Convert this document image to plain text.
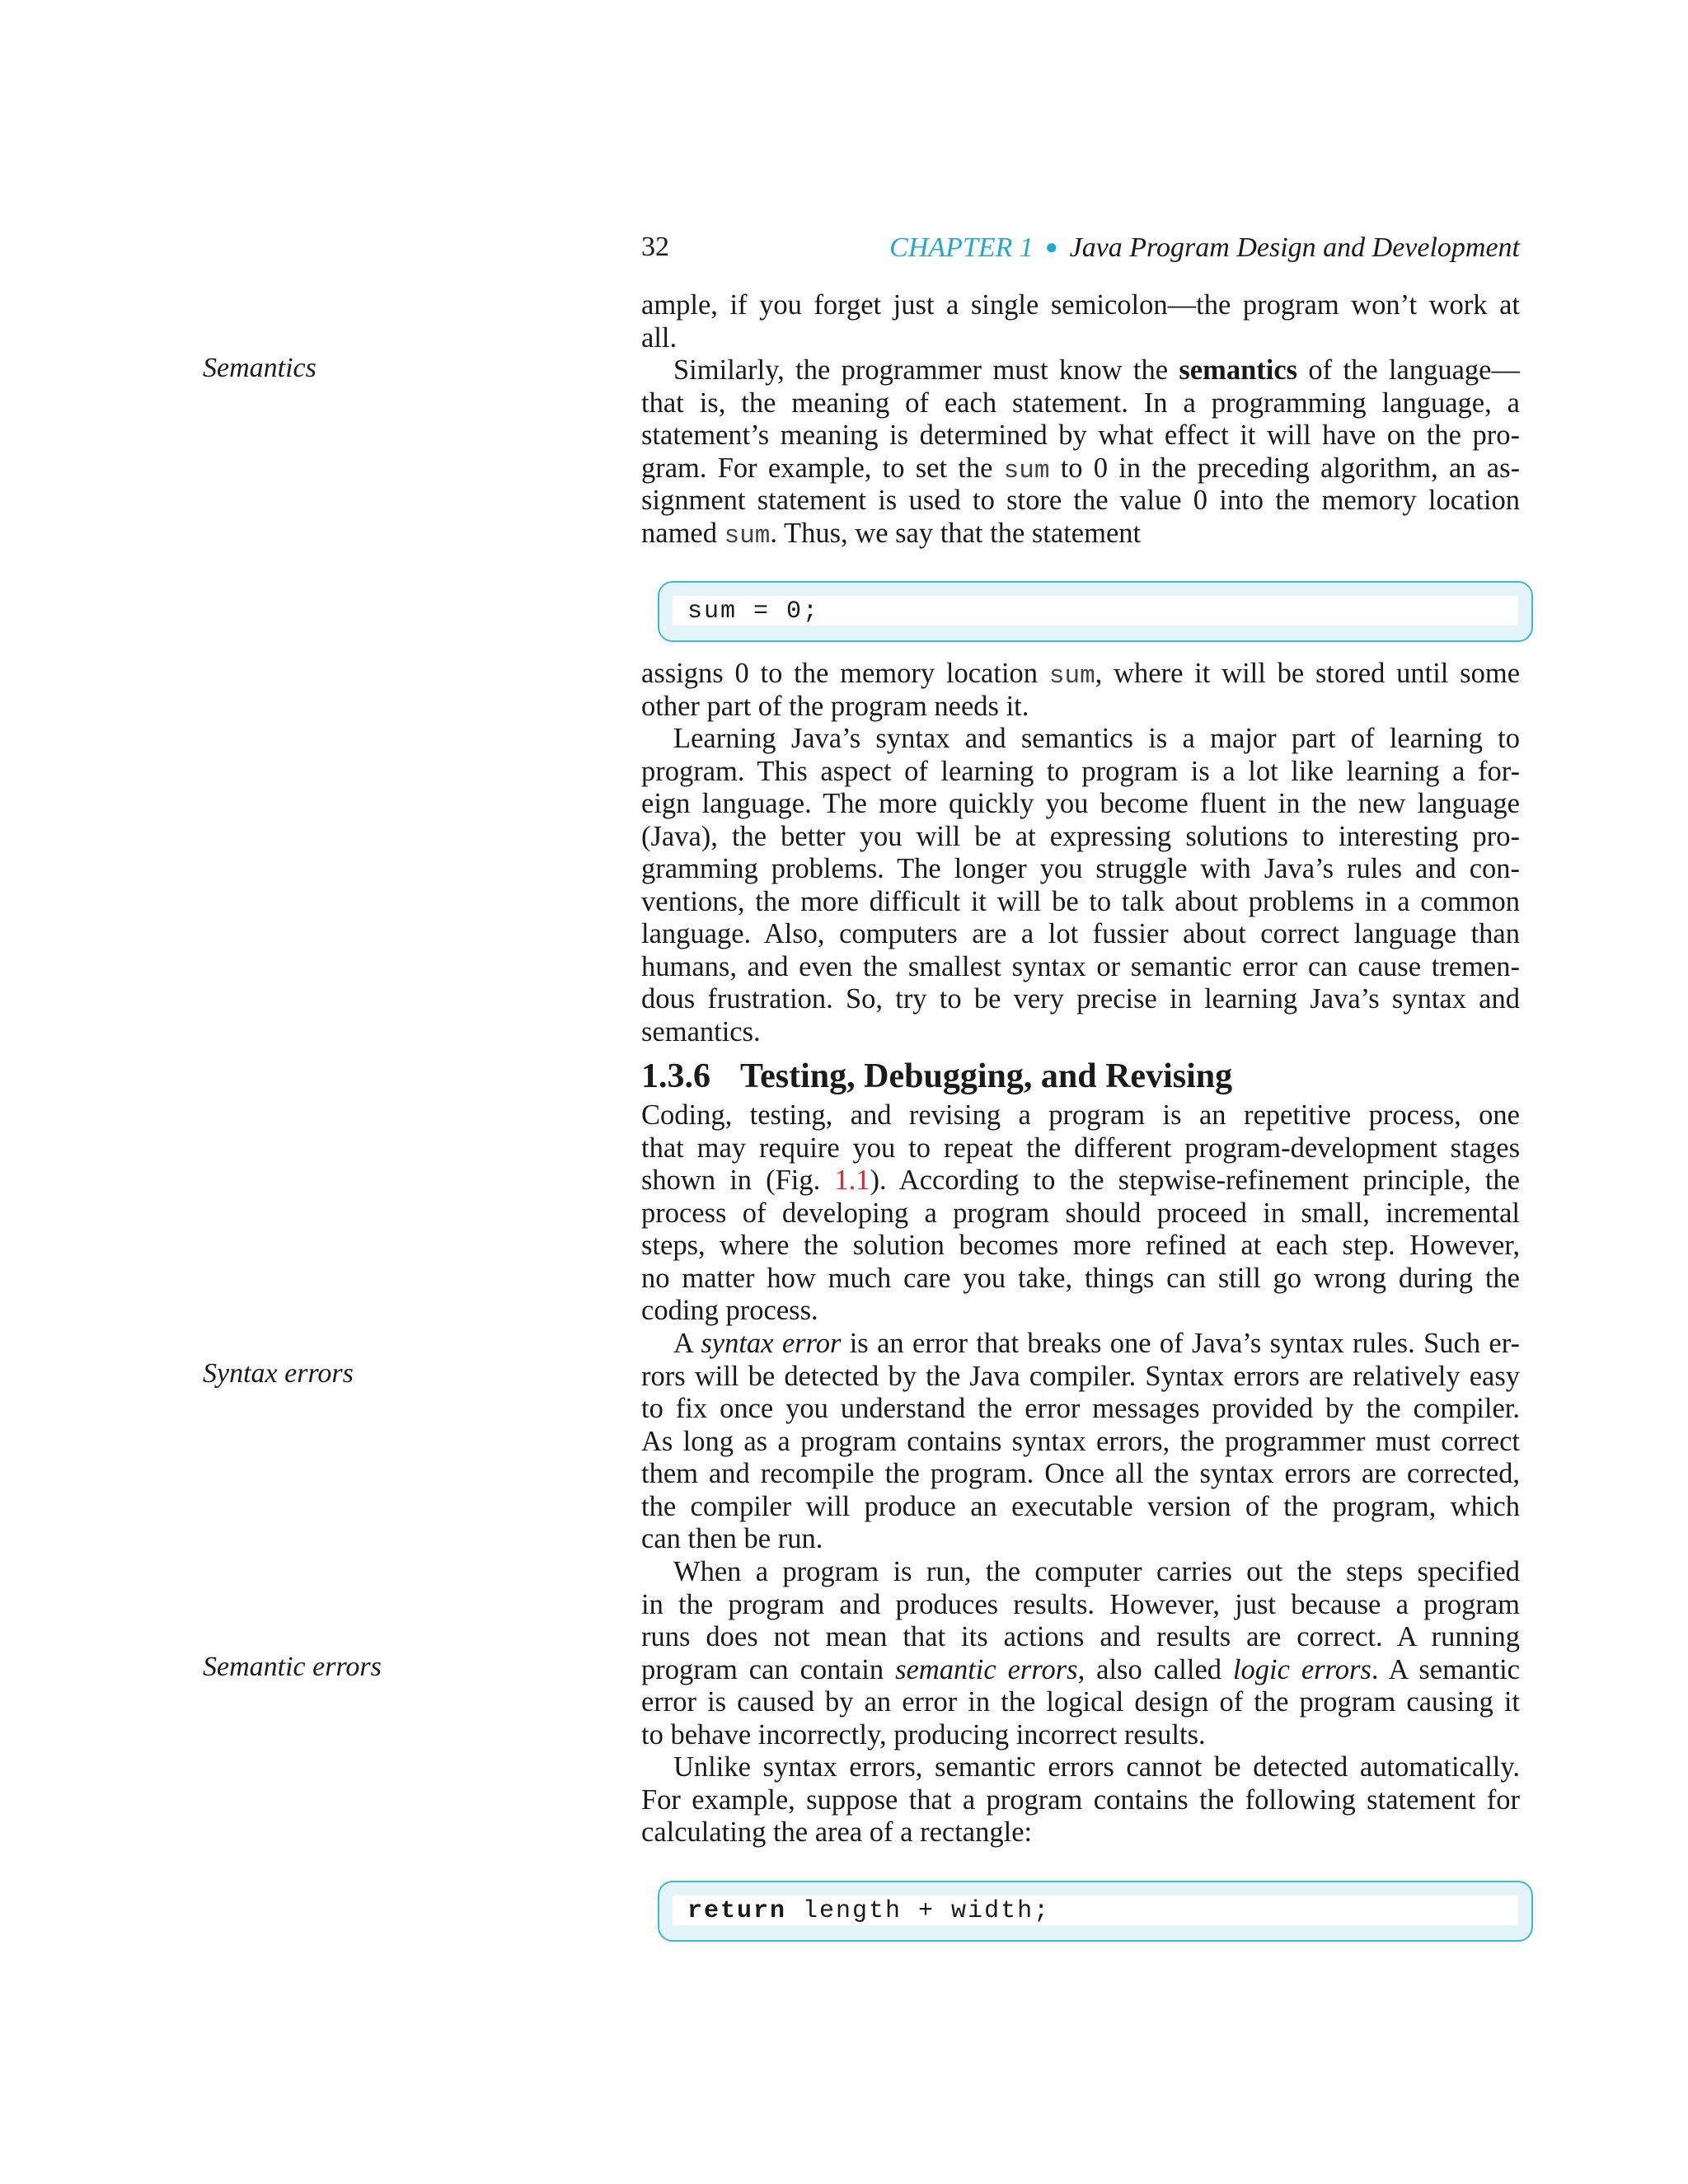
32	CHAPTER 1 ● Java Program Design and Development
Semantics
Syntax errors
Semantic errors
ample, if you forget just a single semicolon—the program won’t work at
all.
Similarly, the programmer must know the semantics of the language—
that is, the meaning of each statement. In a programming language, a
statement’s meaning is determined by what effect it will have on the pro-
gram. For example, to set the sum to 0 in the preceding algorithm, an as-
signment statement is used to store the value 0 into the memory location
named sum. Thus, we say that the statement
sum = 0;
assigns 0 to the memory location sum, where it will be stored until some
other part of the program needs it.
Learning Java’s syntax and semantics is a major part of learning to
program. This aspect of learning to program is a lot like learning a for-
eign language. The more quickly you become fluent in the new language
(Java), the better you will be at expressing solutions to interesting pro-
gramming problems. The longer you struggle with Java’s rules and con-
ventions, the more difficult it will be to talk about problems in a common
language. Also, computers are a lot fussier about correct language than
humans, and even the smallest syntax or semantic error can cause tremen-
dous frustration. So, try to be very precise in learning Java’s syntax and
semantics.
1.3.6 Testing, Debugging, and Revising
Coding, testing, and revising a program is an repetitive process, one
that may require you to repeat the different program-development stages
shown in (Fig. 1.1). According to the stepwise-refinement principle, the
process of developing a program should proceed in small, incremental
steps, where the solution becomes more refined at each step. However,
no matter how much care you take, things can still go wrong during the
coding process.
A syntax error is an error that breaks one of Java’s syntax rules. Such er-
rors will be detected by the Java compiler. Syntax errors are relatively easy
to fix once you understand the error messages provided by the compiler.
As long as a program contains syntax errors, the programmer must correct
them and recompile the program. Once all the syntax errors are corrected,
the compiler will produce an executable version of the program, which
can then be run.
When a program is run, the computer carries out the steps specified
in the program and produces results. However, just because a program
runs does not mean that its actions and results are correct. A running
program can contain semantic errors, also called logic errors. A semantic
error is caused by an error in the logical design of the program causing it
to behave incorrectly, producing incorrect results.
Unlike syntax errors, semantic errors cannot be detected automatically.
For example, suppose that a program contains the following statement for
calculating the area of a rectangle:
return length + width;
